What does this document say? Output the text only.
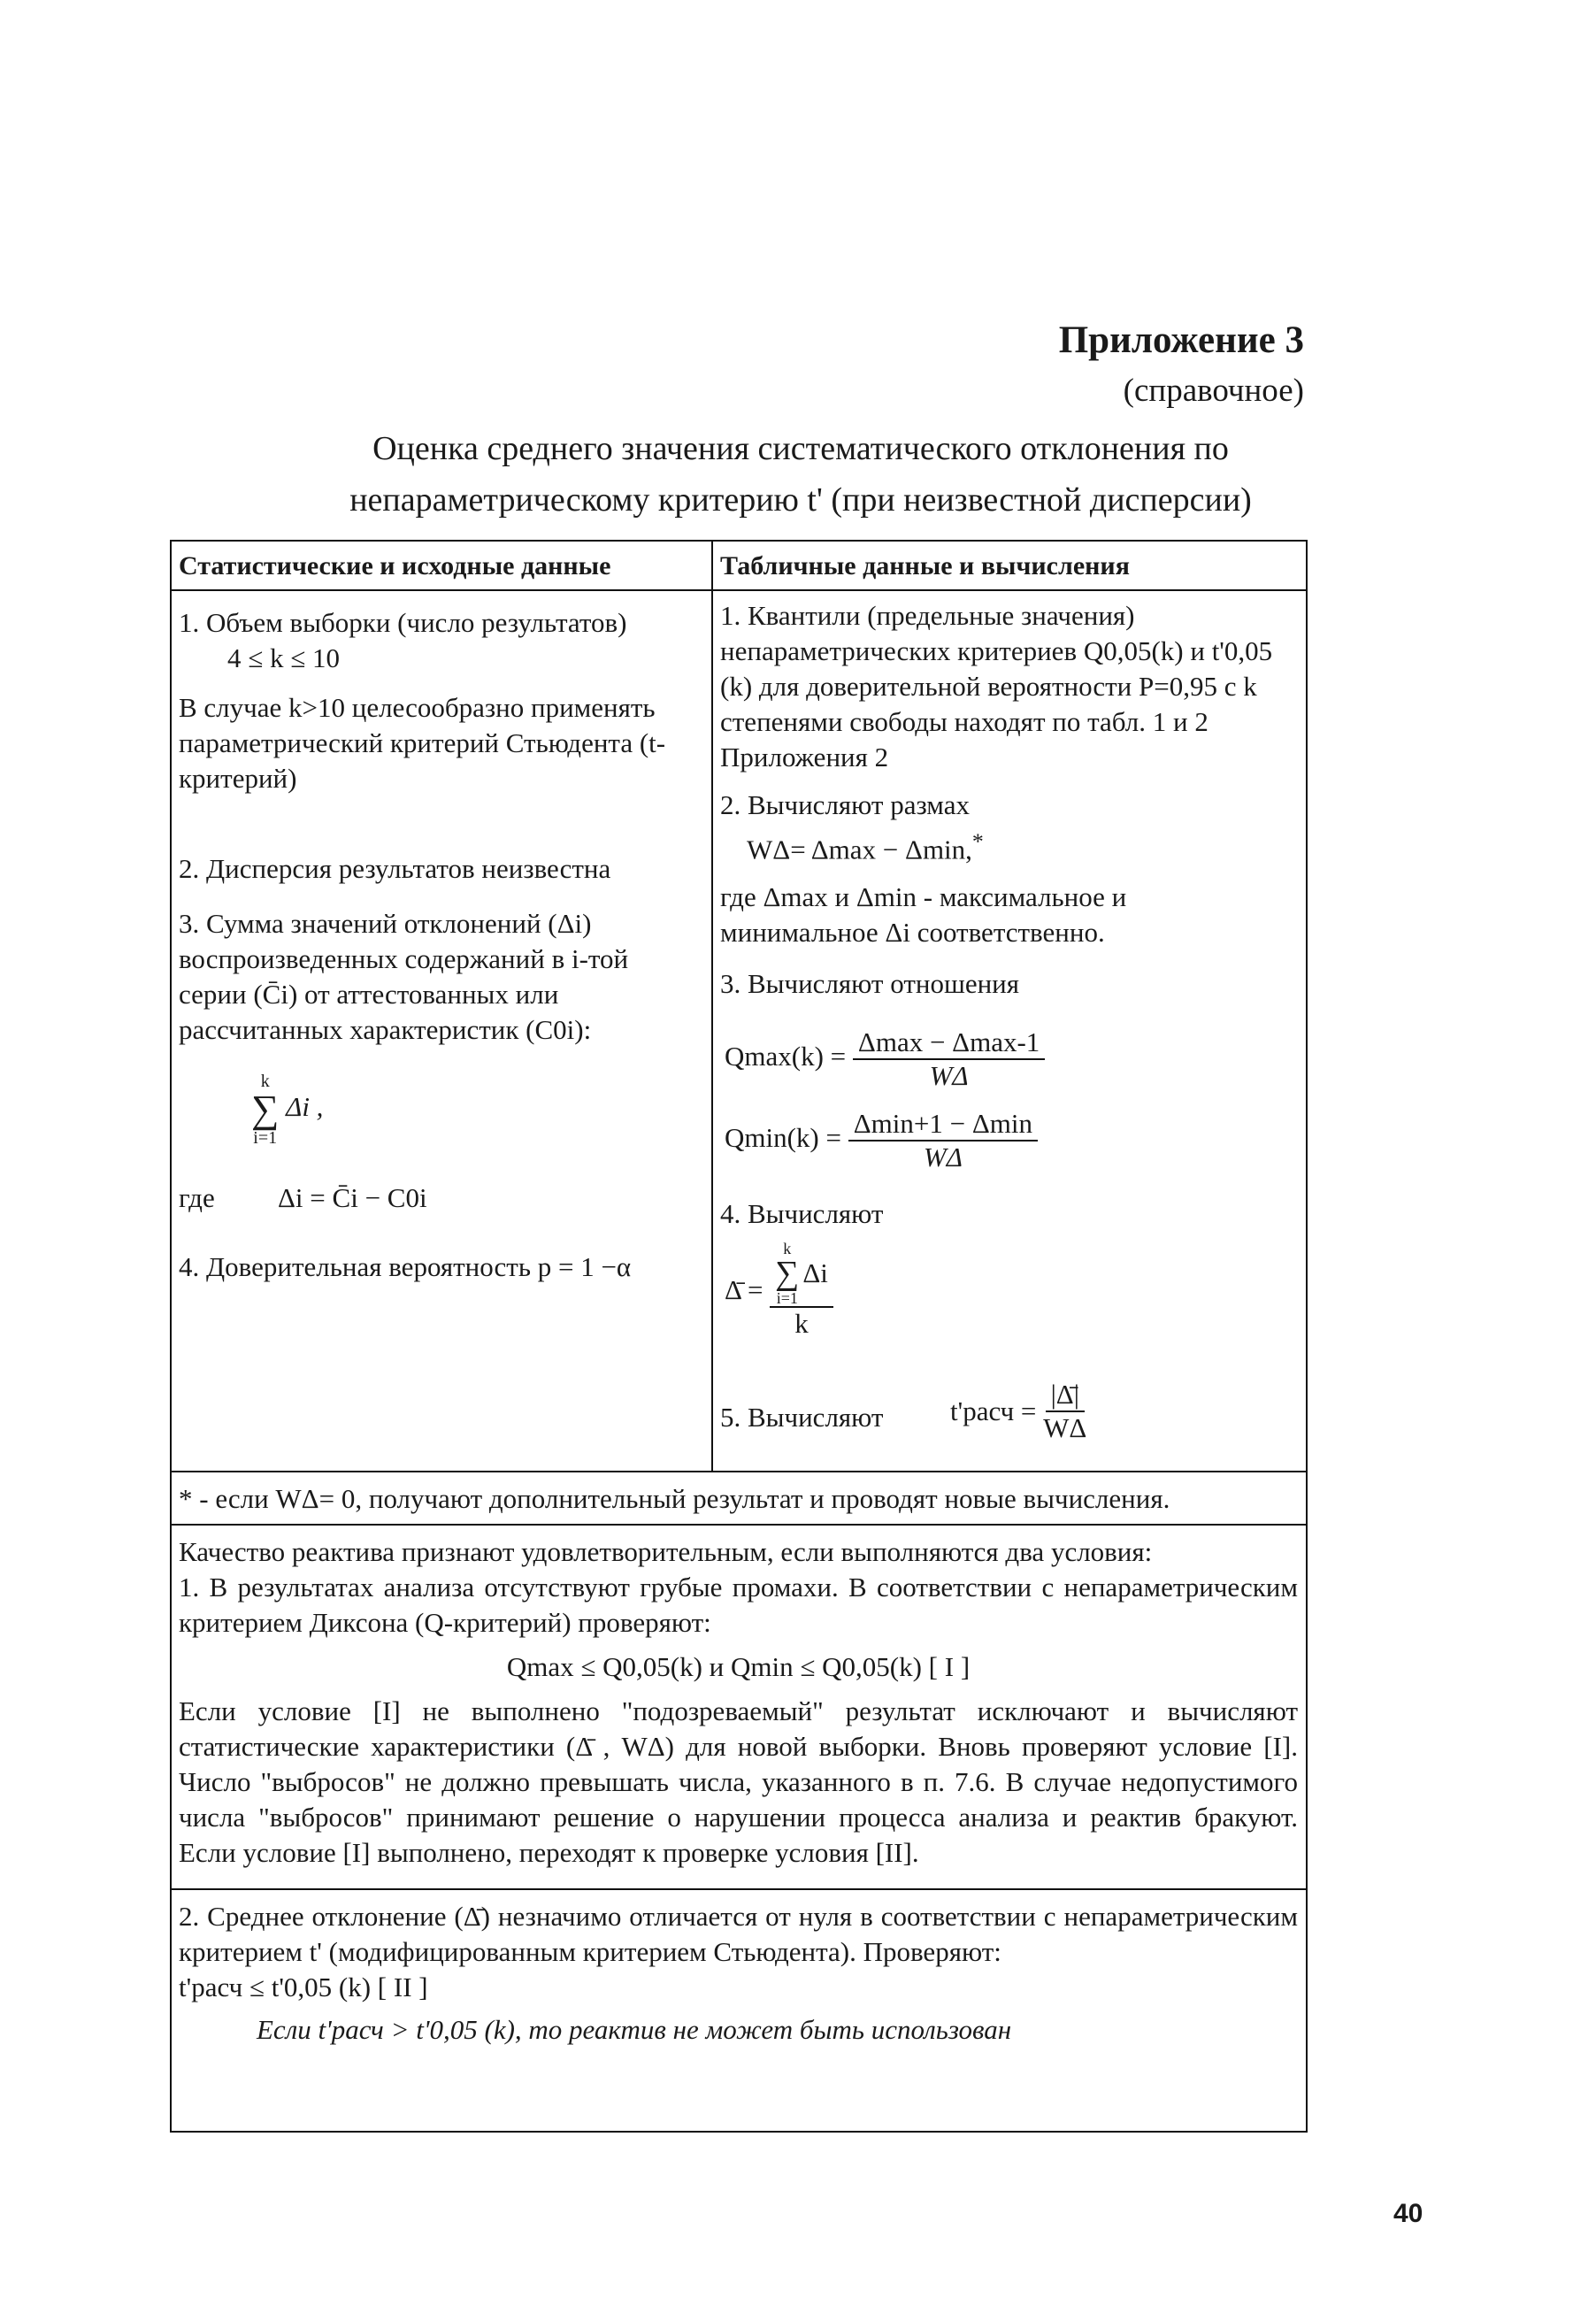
Приложение 3
(справочное)
Оценка среднего значения систематического отклонения по
непараметрическому критерию t' (при неизвестной дисперсии)
Статистические и исходные данные	Табличные данные и вычисления

1. Объем выборки (число результатов)

4 ≤ k ≤ 10

В случае k>10 целесообразно применять параметрический критерий Стьюдента (t-критерий)

2. Дисперсия результатов неизвестна
3. Сумма значений отклонений (Δi) воспроизведенных содержаний в i-той серии (C̄i) от аттестованных или рассчитанных характеристик (C0i):
k
∑
i=1
Δi ,
где Δi = C̄i − C0i
4. Доверительная вероятность p = 1 −α
1. Квантили (предельные значения) непараметрических критериев Q0,05(k) и t'0,05 (k) для доверительной вероятности P=0,95 с k степенями свободы находят по табл. 1 и 2 Приложения 2
2. Вычисляют размах
WΔ= Δmax − Δmin,*
где Δmax и Δmin - максимальное и минимальное Δi соответственно.
3. Вычисляют отношения
$Qmax(k) = \frac{\Delta\max - \Delta\max-1}{W\Delta}$
$Qmin(k) = \frac{\Delta\min+1 - \Delta\min}{W\Delta}$
4. Вычисляют
Δ̄ = k
∑
i=1
Δi
k
5. Вычисляют t'расч = $\frac{|\Deltā|}{W\Delta}$
* - если WΔ= 0, получают дополнительный результат и проводят новые вычисления.

Качество реактива признают удовлетворительным, если выполняются два условия:

1. В результатах анализа отсутствуют грубые промахи. В соответствии с непараметрическим критерием Диксона (Q-критерий) проверяют:

Qmax ≤ Q0,05(k) и Qmin ≤ Q0,05(k) [ I ]

Если условие [I] не выполнено "подозреваемый" результат исключают и вычисляют статистические характеристики (Δ̄ , WΔ) для новой выборки. Вновь проверяют условие [I]. Число "выбросов" не должно превышать числа, указанного в п. 7.6. В случае недопустимого числа "выбросов" принимают решение о нарушении процесса анализа и реактив бракуют. Если условие [I] выполнено, переходят к проверке условия [II].

2. Среднее отклонение (Δ̄) незначимо отличается от нуля в соответствии с непараметрическим критерием t' (модифицированным критерием Стьюдента). Проверяют:

t'расч ≤ t'0,05 (k) [ II ]

Если t'расч > t'0,05 (k), то реактив не может быть использован

40
